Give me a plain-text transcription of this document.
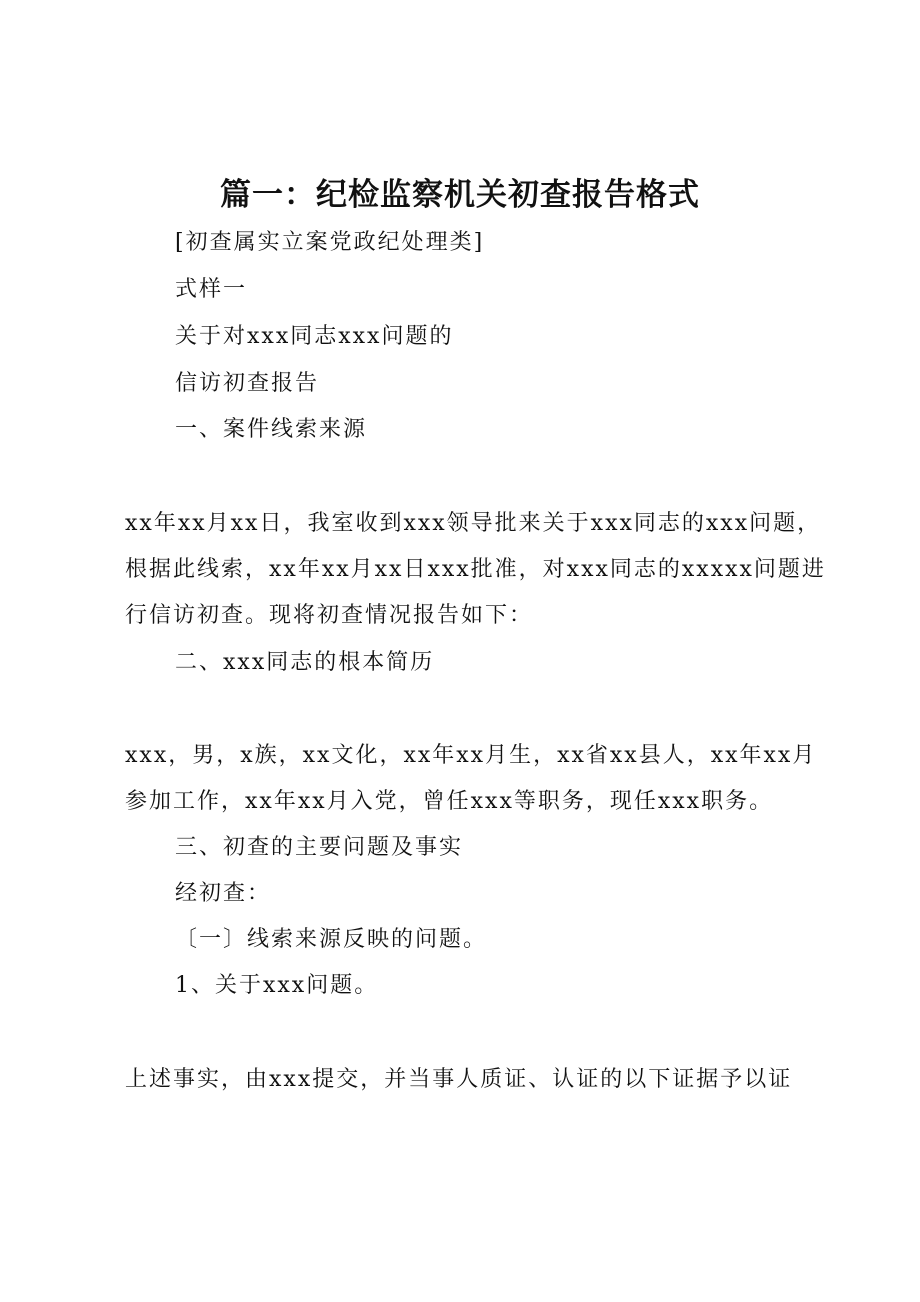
篇一：纪检监察机关初查报告格式
[初查属实立案党政纪处理类]
式样一
关于对xxx同志xxx问题的
信访初查报告
一、案件线索来源
xx年xx月xx日，我室收到xxx领导批来关于xxx同志的xxx问题，
根据此线索，xx年xx月xx日xxx批准，对xxx同志的xxxxx问题进
行信访初查。现将初查情况报告如下：
二、xxx同志的根本简历
xxx，男，x族，xx文化，xx年xx月生，xx省xx县人，xx年xx月
参加工作，xx年xx月入党，曾任xxx等职务，现任xxx职务。
三、初查的主要问题及事实
经初查：
〔一〕线索来源反映的问题。
1、关于xxx问题。
上述事实，由xxx提交，并当事人质证、认证的以下证据予以证
